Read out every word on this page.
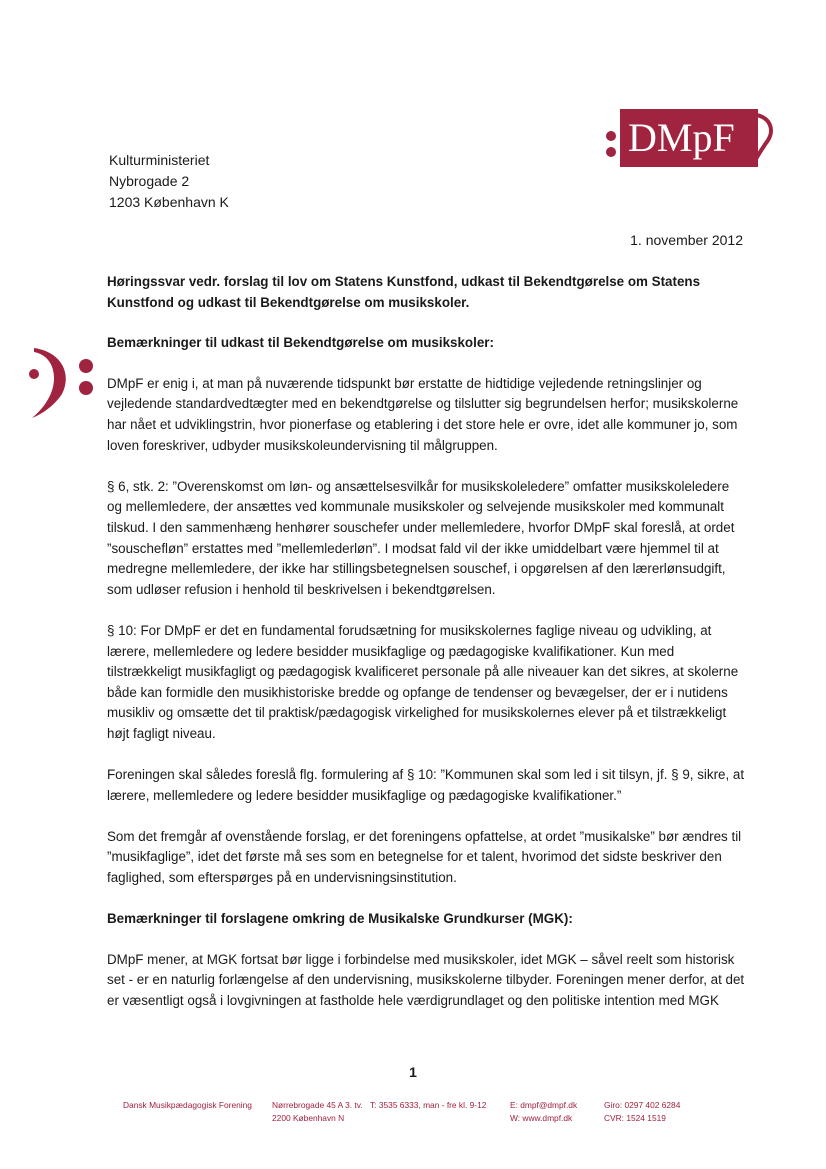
DMpF
Kulturministeriet
Nybrogade 2
1203 København K
1. november 2012

Høringssvar vedr. forslag til lov om Statens Kunstfond, udkast til Bekendtgørelse om Statens Kunstfond og udkast til Bekendtgørelse om musikskoler.

Bemærkninger til udkast til Bekendtgørelse om musikskoler:

DMpF er enig i, at man på nuværende tidspunkt bør erstatte de hidtidige vejledende retningslinjer og vejledende standardvedtægter med en bekendtgørelse og tilslutter sig begrundelsen herfor; musikskolerne har nået et udviklingstrin, hvor pionerfase og etablering i det store hele er ovre, idet alle kommuner jo, som loven foreskriver, udbyder musikskoleundervisning til målgruppen.

§ 6, stk. 2: ”Overenskomst om løn- og ansættelsesvilkår for musikskoleledere” omfatter musikskoleledere og mellemledere, der ansættes ved kommunale musikskoler og selvejende musikskoler med kommunalt tilskud. I den sammenhæng henhører souschefer under mellemledere, hvorfor DMpF skal foreslå, at ordet ”souschefløn” erstattes med ”mellemlederløn”. I modsat fald vil der ikke umiddelbart være hjemmel til at medregne mellemledere, der ikke har stillingsbetegnelsen souschef, i opgørelsen af den lærerlønsudgift, som udløser refusion i henhold til beskrivelsen i bekendtgørelsen.

§ 10: For DMpF er det en fundamental forudsætning for musikskolernes faglige niveau og udvikling, at lærere, mellemledere og ledere besidder musikfaglige og pædagogiske kvalifikationer. Kun med tilstrækkeligt musikfagligt og pædagogisk kvalificeret personale på alle niveauer kan det sikres, at skolerne både kan formidle den musikhistoriske bredde og opfange de tendenser og bevægelser, der er i nutidens musikliv og omsætte det til praktisk/pædagogisk virkelighed for musikskolernes elever på et tilstrækkeligt højt fagligt niveau.

Foreningen skal således foreslå flg. formulering af § 10: ”Kommunen skal som led i sit tilsyn, jf. § 9, sikre, at lærere, mellemledere og ledere besidder musikfaglige og pædagogiske kvalifikationer.”

Som det fremgår af ovenstående forslag, er det foreningens opfattelse, at ordet ”musikalske” bør ændres til ”musikfaglige”, idet det første må ses som en betegnelse for et talent, hvorimod det sidste beskriver den faglighed, som efterspørges på en undervisningsinstitution.

Bemærkninger til forslagene omkring de Musikalske Grundkurser (MGK):

DMpF mener, at MGK fortsat bør ligge i forbindelse med musikskoler, idet MGK – såvel reelt som historisk set - er en naturlig forlængelse af den undervisning, musikskolerne tilbyder. Foreningen mener derfor, at det er væsentligt også i lovgivningen at fastholde hele værdigrundlaget og den politiske intention med MGK

1
Dansk Musikpædagogisk Forening Nørrebrogade 45 A 3. tv.
2200 København N
T: 3535 6333, man - fre kl. 9-12	E: dmpf@dmpf.dk
W: www.dmpf.dk
Giro: 0297 402 6284
CVR: 1524 1519
